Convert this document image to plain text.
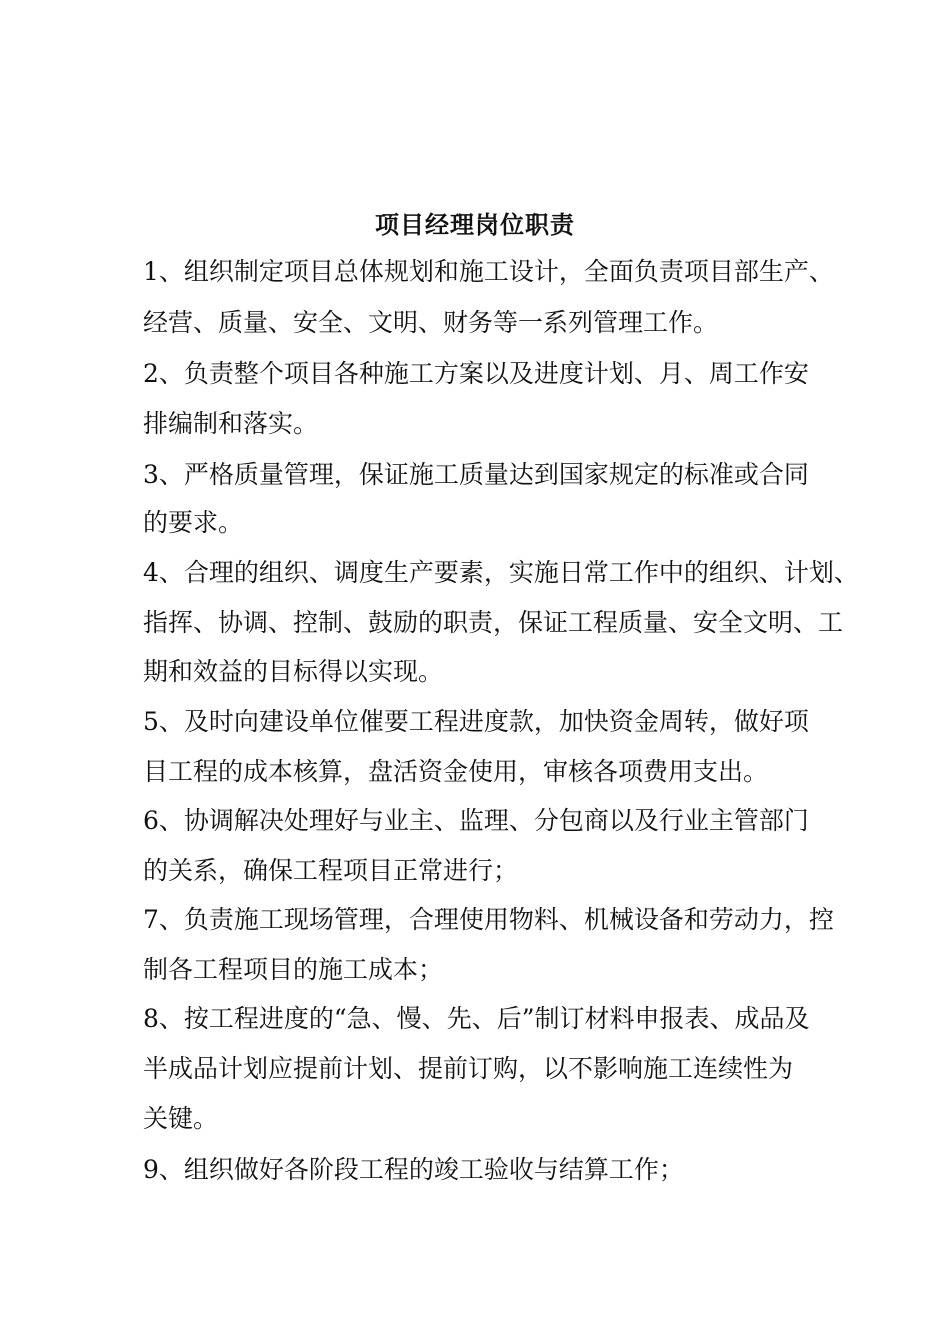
项目经理岗位职责
1、组织制定项目总体规划和施工设计，全面负责项目部生产、
经营、质量、安全、文明、财务等一系列管理工作。
2、负责整个项目各种施工方案以及进度计划、月、周工作安
排编制和落实。
3、严格质量管理，保证施工质量达到国家规定的标准或合同
的要求。
4、合理的组织、调度生产要素，实施日常工作中的组织、计划、
指挥、协调、控制、鼓励的职责，保证工程质量、安全文明、工
期和效益的目标得以实现。
5、及时向建设单位催要工程进度款，加快资金周转，做好项
目工程的成本核算，盘活资金使用，审核各项费用支出。
6、协调解决处理好与业主、监理、分包商以及行业主管部门
的关系，确保工程项目正常进行；
7、负责施工现场管理，合理使用物料、机械设备和劳动力，控
制各工程项目的施工成本；
8、按工程进度的“急、慢、先、后”制订材料申报表、成品及
半成品计划应提前计划、提前订购，以不影响施工连续性为
关键。
9、组织做好各阶段工程的竣工验收与结算工作；
